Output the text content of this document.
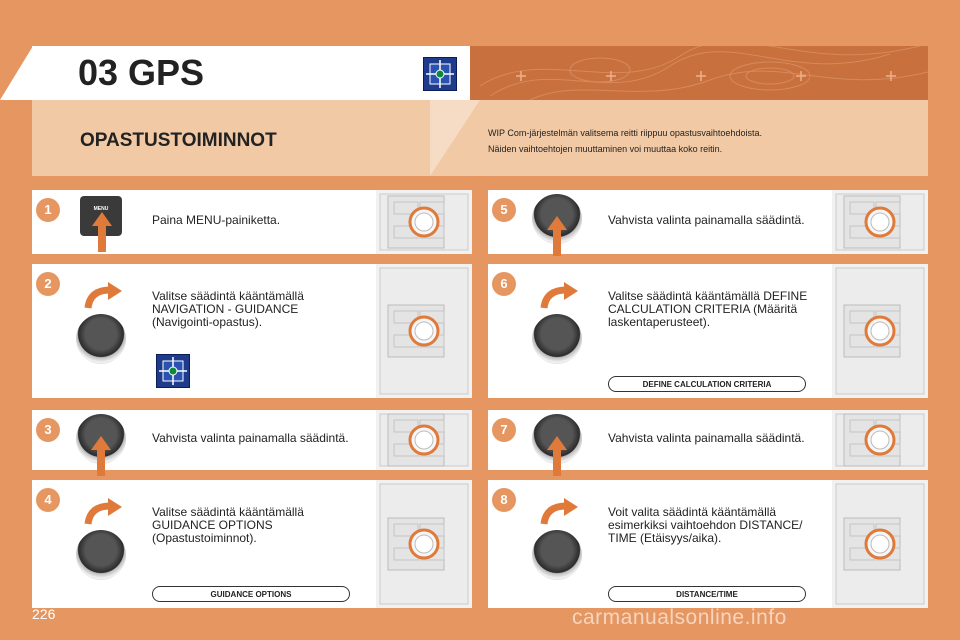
03 GPS
OPASTUSTOIMINNOT	WIP Com-järjestelmän valitsema reitti riippuu opastusvaihtoehdoista.
Näiden vaihtoehtojen muuttaminen voi muuttaa koko reitin.
1	MENU
Paina MENU-painiketta.
2
Valitse säädintä kääntämällä
NAVIGATION - GUIDANCE
(Navigointi-opastus).
3
Vahvista valinta painamalla säädintä.
4
Valitse säädintä kääntämällä
GUIDANCE OPTIONS
(Opastustoiminnot).
GUIDANCE OPTIONS
5
Vahvista valinta painamalla säädintä.
6
Valitse säädintä kääntämällä DEFINE
CALCULATION CRITERIA (Määritä
laskentaperusteet).
DEFINE CALCULATION CRITERIA
7
Vahvista valinta painamalla säädintä.
8
Voit valita säädintä kääntämällä
esimerkiksi vaihtoehdon DISTANCE/
TIME (Etäisyys/aika).
DISTANCE/TIME
226	carmanualsonline.info
